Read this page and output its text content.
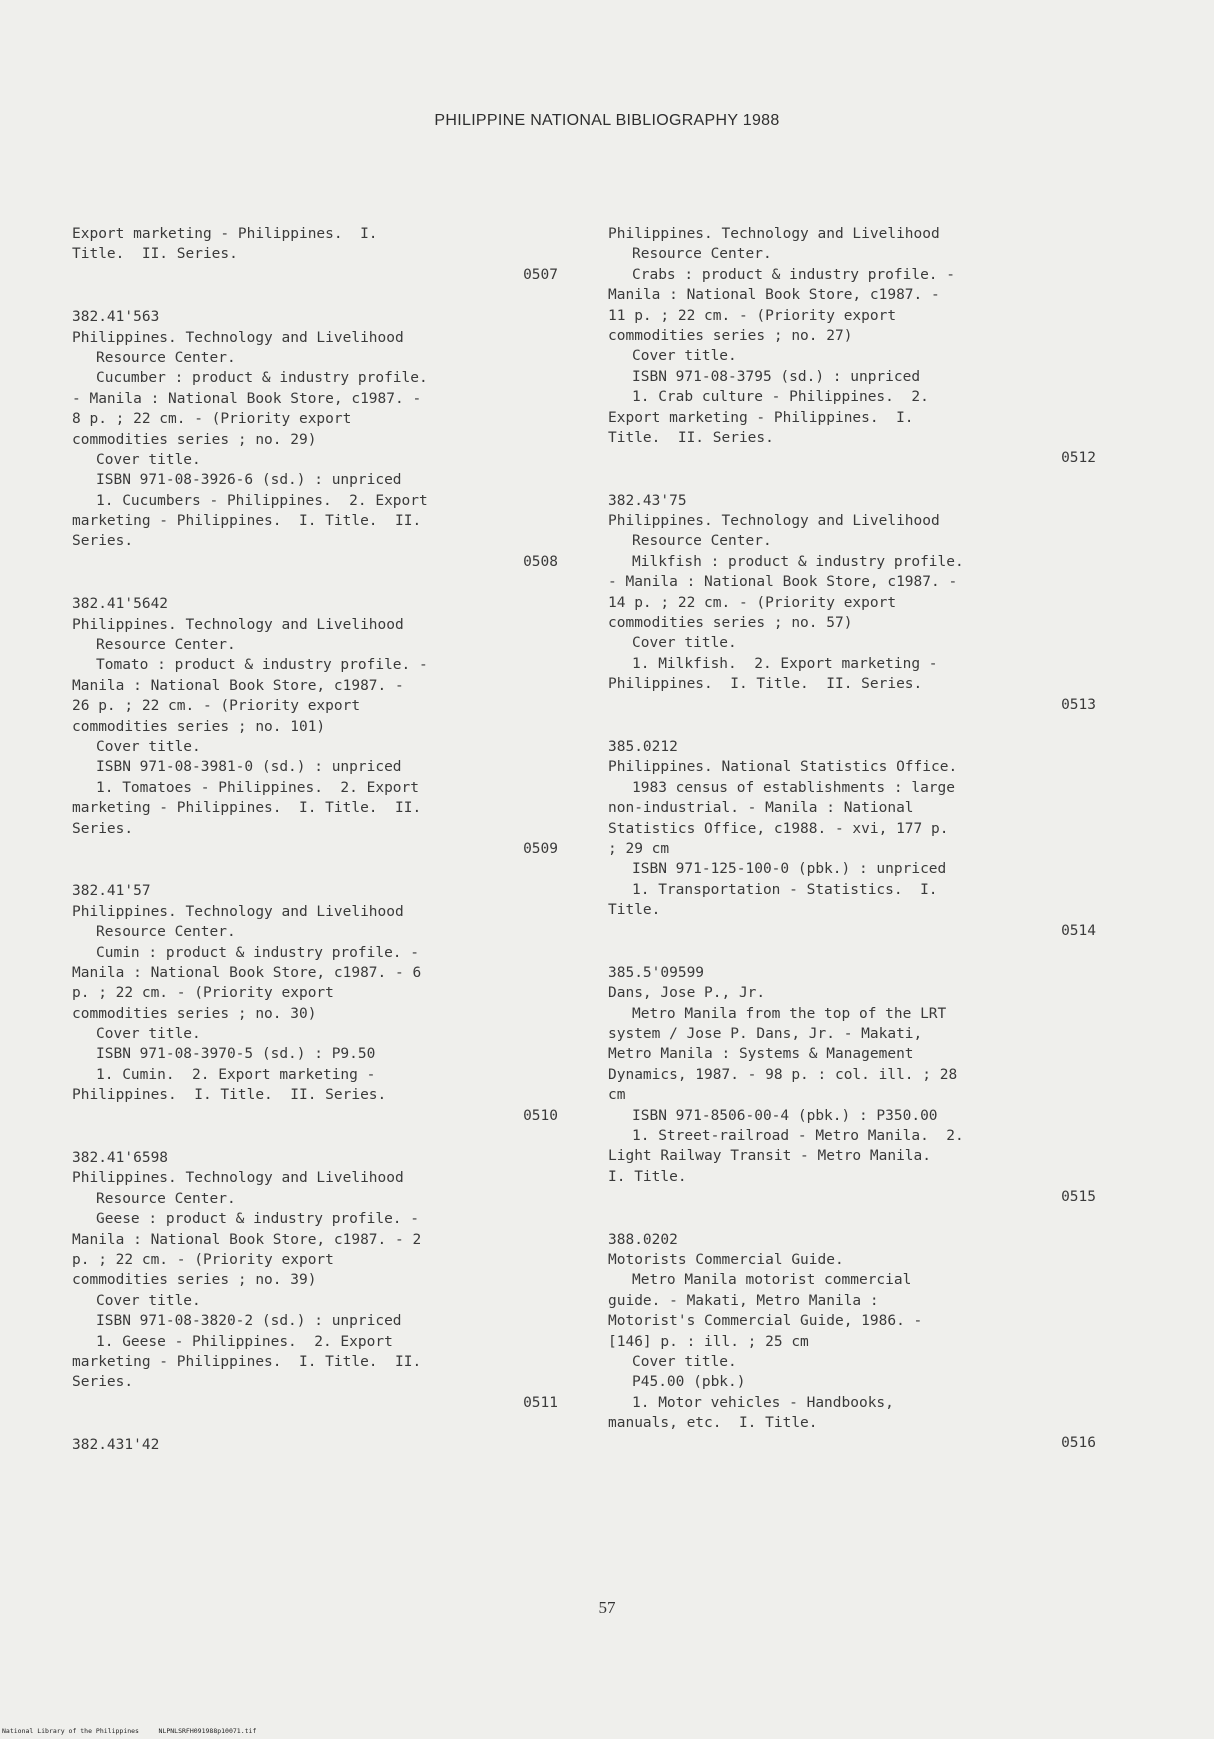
PHILIPPINE NATIONAL BIBLIOGRAPHY 1988
Export marketing - Philippines.  I.
Title.  II. Series.
0507
382.41'563
Philippines. Technology and Livelihood
Resource Center.
Cucumber : product & industry profile.
- Manila : National Book Store, c1987. -
8 p. ; 22 cm. - (Priority export
commodities series ; no. 29)
Cover title.
ISBN 971-08-3926-6 (sd.) : unpriced
1. Cucumbers - Philippines.  2. Export
marketing - Philippines.  I. Title.  II.
Series.
0508
382.41'5642
Philippines. Technology and Livelihood
Resource Center.
Tomato : product & industry profile. -
Manila : National Book Store, c1987. -
26 p. ; 22 cm. - (Priority export
commodities series ; no. 101)
Cover title.
ISBN 971-08-3981-0 (sd.) : unpriced
1. Tomatoes - Philippines.  2. Export
marketing - Philippines.  I. Title.  II.
Series.
0509
382.41'57
Philippines. Technology and Livelihood
Resource Center.
Cumin : product & industry profile. -
Manila : National Book Store, c1987. - 6
p. ; 22 cm. - (Priority export
commodities series ; no. 30)
Cover title.
ISBN 971-08-3970-5 (sd.) : P9.50
1. Cumin.  2. Export marketing -
Philippines.  I. Title.  II. Series.
0510
382.41'6598
Philippines. Technology and Livelihood
Resource Center.
Geese : product & industry profile. -
Manila : National Book Store, c1987. - 2
p. ; 22 cm. - (Priority export
commodities series ; no. 39)
Cover title.
ISBN 971-08-3820-2 (sd.) : unpriced
1. Geese - Philippines.  2. Export
marketing - Philippines.  I. Title.  II.
Series.
0511
382.431'42
Philippines. Technology and Livelihood
Resource Center.
Crabs : product & industry profile. -
Manila : National Book Store, c1987. -
11 p. ; 22 cm. - (Priority export
commodities series ; no. 27)
Cover title.
ISBN 971-08-3795 (sd.) : unpriced
1. Crab culture - Philippines.  2.
Export marketing - Philippines.  I.
Title.  II. Series.
0512
382.43'75
Philippines. Technology and Livelihood
Resource Center.
Milkfish : product & industry profile.
- Manila : National Book Store, c1987. -
14 p. ; 22 cm. - (Priority export
commodities series ; no. 57)
Cover title.
1. Milkfish.  2. Export marketing -
Philippines.  I. Title.  II. Series.
0513
385.0212
Philippines. National Statistics Office.
1983 census of establishments : large
non-industrial. - Manila : National
Statistics Office, c1988. - xvi, 177 p.
; 29 cm
ISBN 971-125-100-0 (pbk.) : unpriced
1. Transportation - Statistics.  I.
Title.
0514
385.5'09599
Dans, Jose P., Jr.
Metro Manila from the top of the LRT
system / Jose P. Dans, Jr. - Makati,
Metro Manila : Systems & Management
Dynamics, 1987. - 98 p. : col. ill. ; 28
cm
ISBN 971-8506-00-4 (pbk.) : P350.00
1. Street-railroad - Metro Manila.  2.
Light Railway Transit - Metro Manila.
I. Title.
0515
388.0202
Motorists Commercial Guide.
Metro Manila motorist commercial
guide. - Makati, Metro Manila :
Motorist's Commercial Guide, 1986. -
[146] p. : ill. ; 25 cm
Cover title.
P45.00 (pbk.)
1. Motor vehicles - Handbooks,
manuals, etc.  I. Title.
0516
57
National Library of the Philippines     NLPNLSRFH091988p10071.tif
